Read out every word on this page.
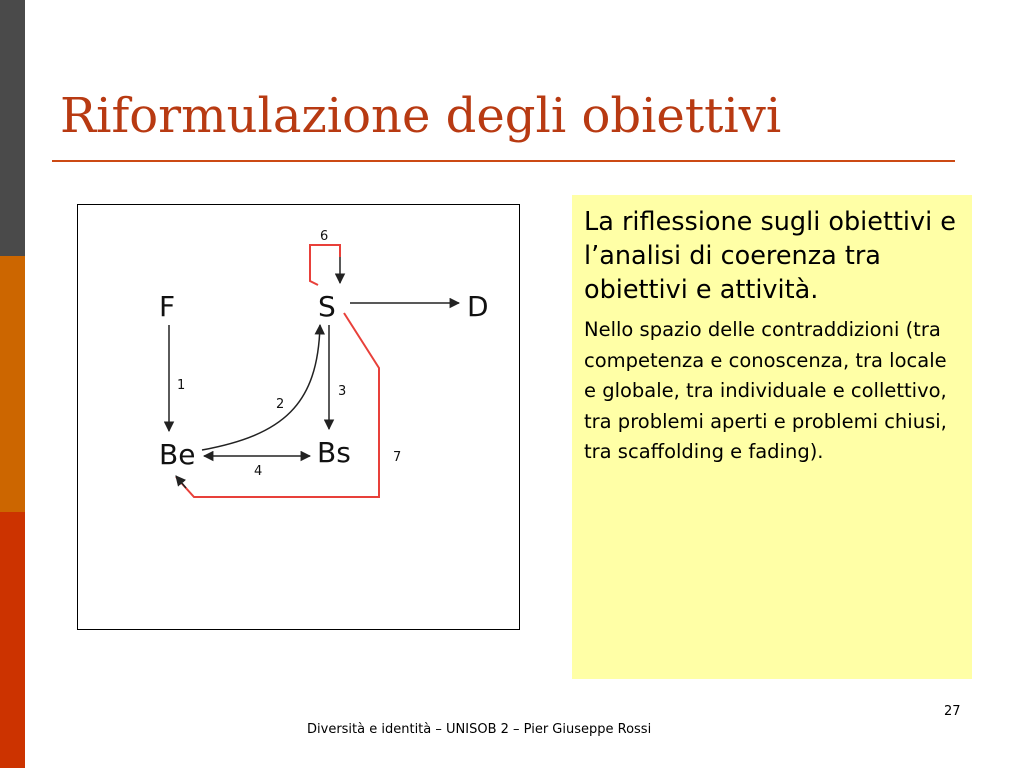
Riformulazione degli obiettivi
F	S	D
Be	Bs
6
1
2
3
4
7

La riflessione sugli obiettivi e l’analisi di coerenza tra obiettivi e attività.

Nello spazio delle contraddizioni (tra competenza e conoscenza, tra locale e globale, tra individuale e collettivo, tra problemi aperti e problemi chiusi, tra scaffolding e fading).

Diversità e identità – UNISOB 2 – Pier Giuseppe Rossi
27
